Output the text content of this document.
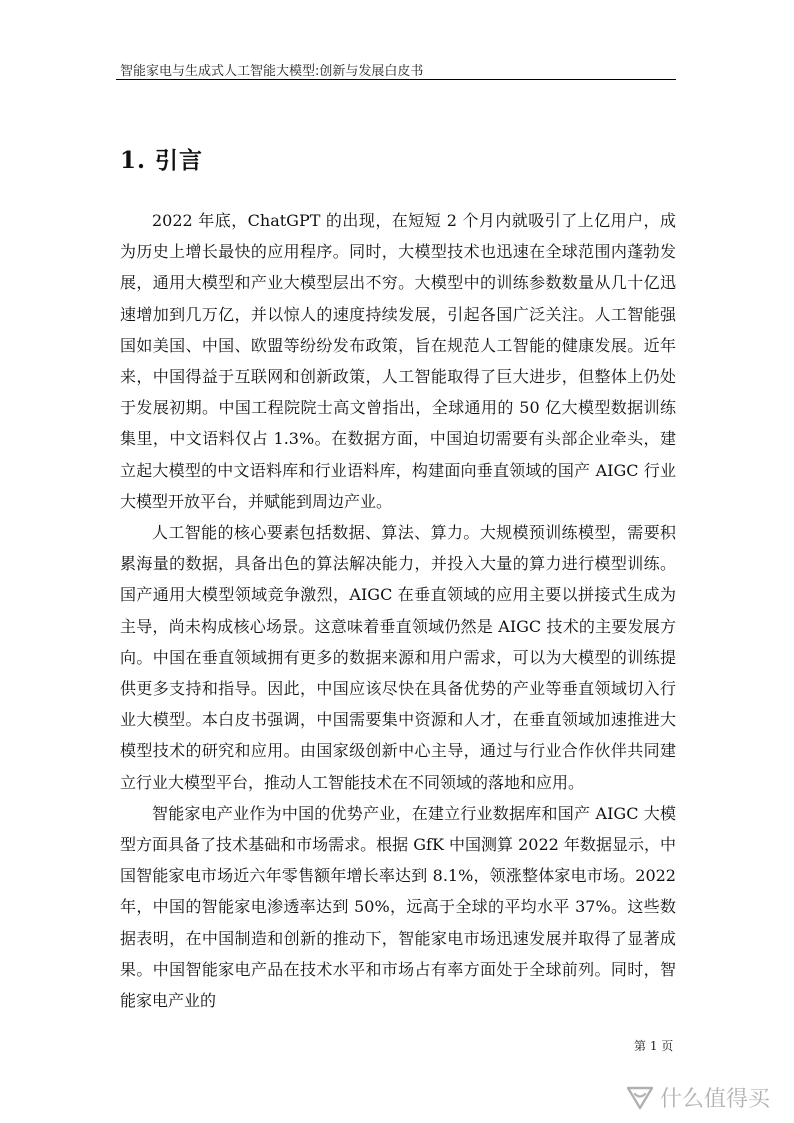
智能家电与生成式人工智能大模型:创新与发展白皮书
1. 引言

2022 年底，ChatGPT 的出现，在短短 2 个月内就吸引了上亿用户，成为历史上增长最快的应用程序。同时，大模型技术也迅速在全球范围内蓬勃发展，通用大模型和产业大模型层出不穷。大模型中的训练参数数量从几十亿迅速增加到几万亿，并以惊人的速度持续发展，引起各国广泛关注。人工智能强国如美国、中国、欧盟等纷纷发布政策，旨在规范人工智能的健康发展。近年来，中国得益于互联网和创新政策，人工智能取得了巨大进步，但整体上仍处于发展初期。中国工程院院士高文曾指出，全球通用的 50 亿大模型数据训练集里，中文语料仅占 1.3%。在数据方面，中国迫切需要有头部企业牵头，建立起大模型的中文语料库和行业语料库，构建面向垂直领域的国产 AIGC 行业大模型开放平台，并赋能到周边产业。

人工智能的核心要素包括数据、算法、算力。大规模预训练模型，需要积累海量的数据，具备出色的算法解决能力，并投入大量的算力进行模型训练。国产通用大模型领域竞争激烈，AIGC 在垂直领域的应用主要以拼接式生成为主导，尚未构成核心场景。这意味着垂直领域仍然是 AIGC 技术的主要发展方向。中国在垂直领域拥有更多的数据来源和用户需求，可以为大模型的训练提供更多支持和指导。因此，中国应该尽快在具备优势的产业等垂直领域切入行业大模型。本白皮书强调，中国需要集中资源和人才，在垂直领域加速推进大模型技术的研究和应用。由国家级创新中心主导，通过与行业合作伙伴共同建立行业大模型平台，推动人工智能技术在不同领域的落地和应用。

智能家电产业作为中国的优势产业，在建立行业数据库和国产 AIGC 大模型方面具备了技术基础和市场需求。根据 GfK 中国测算 2022 年数据显示，中国智能家电市场近六年零售额年增长率达到 8.1%，领涨整体家电市场。2022 年，中国的智能家电渗透率达到 50%，远高于全球的平均水平 37%。这些数据表明，在中国制造和创新的推动下，智能家电市场迅速发展并取得了显著成果。中国智能家电产品在技术水平和市场占有率方面处于全球前列。同时，智能家电产业的

第 1 页
什么值得买
